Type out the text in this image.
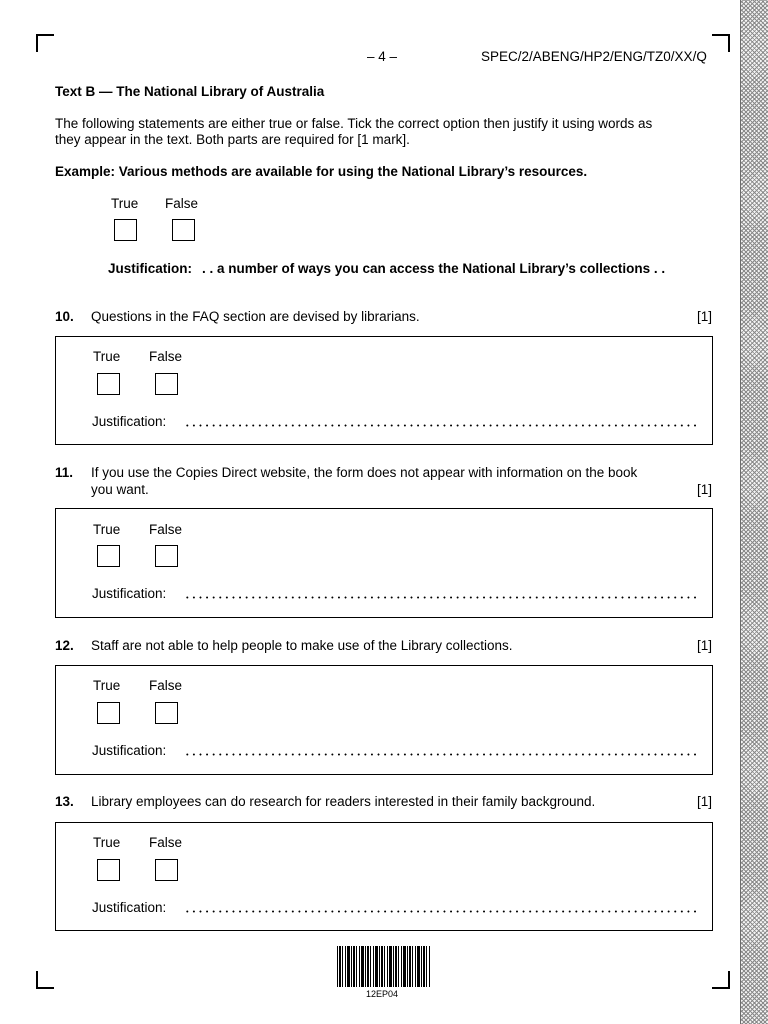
– 4 –	SPEC/2/ABENG/HP2/ENG/TZ0/XX/Q
Text B — The National Library of Australia
The following statements are either true or false. Tick the correct option then justify it using words as
they appear in the text. Both parts are required for [1 mark].
Example: Various methods are available for using the National Library’s resources.
True False
Justification: . . a number of ways you can access the National Library’s collections . .
10. Questions in the FAQ section are devised by librarians.	[1]
True False
Justification:
11. If you use the Copies Direct website, the form does not appear with information on the book
you want.	[1]
True False
Justification:
12. Staff are not able to help people to make use of the Library collections.	[1]
True False
Justification:
13. Library employees can do research for readers interested in their family background.	[1]
True False
Justification:
12EP04
